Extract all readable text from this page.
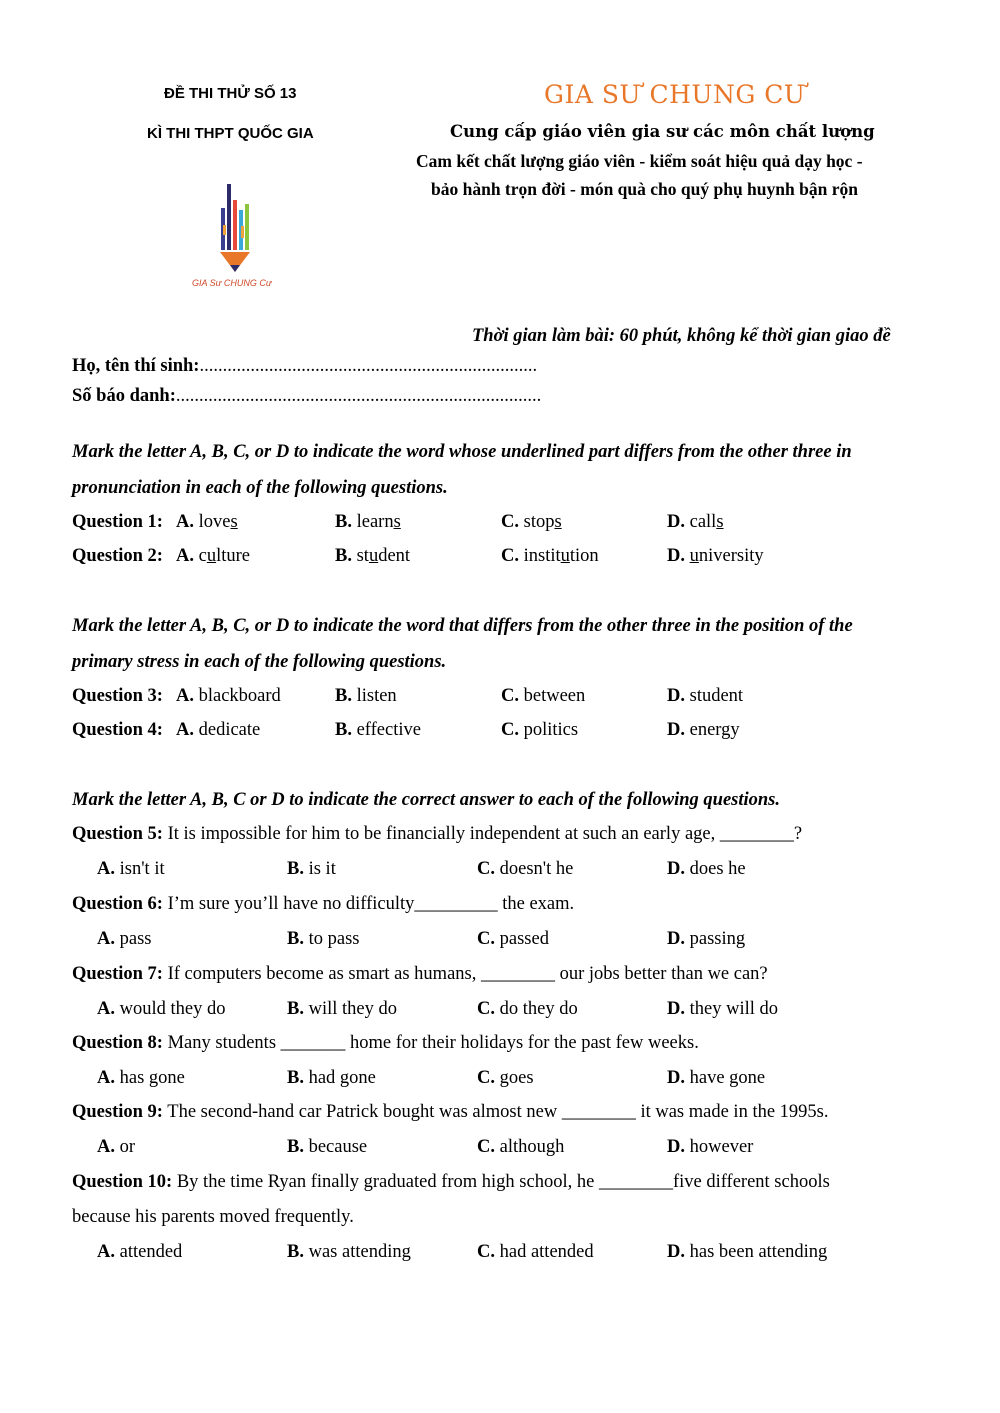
ĐỀ THI THỬ SỐ 13
KÌ THI THPT QUỐC GIA
GIA Sư CHUNG Cư
GIA SƯ CHUNG CƯ
Cung cấp giáo viên gia sư các môn chất lượng
Cam kết chất lượng giáo viên - kiểm soát hiệu quả dạy học -
bảo hành trọn đời - món quà cho quý phụ huynh bận rộn
Thời gian làm bài: 60 phút, không kể thời gian giao đề
Họ, tên thí sinh:.........................................................................
Số báo danh:...............................................................................
Mark the letter A, B, C, or D to indicate the word whose underlined part differs from the other three in
pronunciation in each of the following questions.
Question 1: A. loves	B. learns	C. stops	D. calls
Question 2: A. culture	B. student	C. institution	D. university
Mark the letter A, B, C, or D to indicate the word that differs from the other three in the position of the
primary stress in each of the following questions.
Question 3: A. blackboard	B. listen	C. between	D. student
Question 4: A. dedicate	B. effective	C. politics	D. energy
Mark the letter A, B, C or D to indicate the correct answer to each of the following questions.
Question 5: It is impossible for him to be financially independent at such an early age, ________?
A. isn't it	B. is it	C. doesn't he	D. does he
Question 6: I’m sure you’ll have no difficulty_________ the exam.
A. pass	B. to pass	C. passed	D. passing
Question 7: If computers become as smart as humans, ________ our jobs better than we can?
A. would they do	B. will they do	C. do they do	D. they will do
Question 8: Many students _______ home for their holidays for the past few weeks.
A. has gone	B. had gone	C. goes	D. have gone
Question 9: The second-hand car Patrick bought was almost new ________ it was made in the 1995s.
A. or	B. because	C. although	D. however
Question 10: By the time Ryan finally graduated from high school, he ________five different schools
because his parents moved frequently.
A. attended	B. was attending	C. had attended	D. has been attending
